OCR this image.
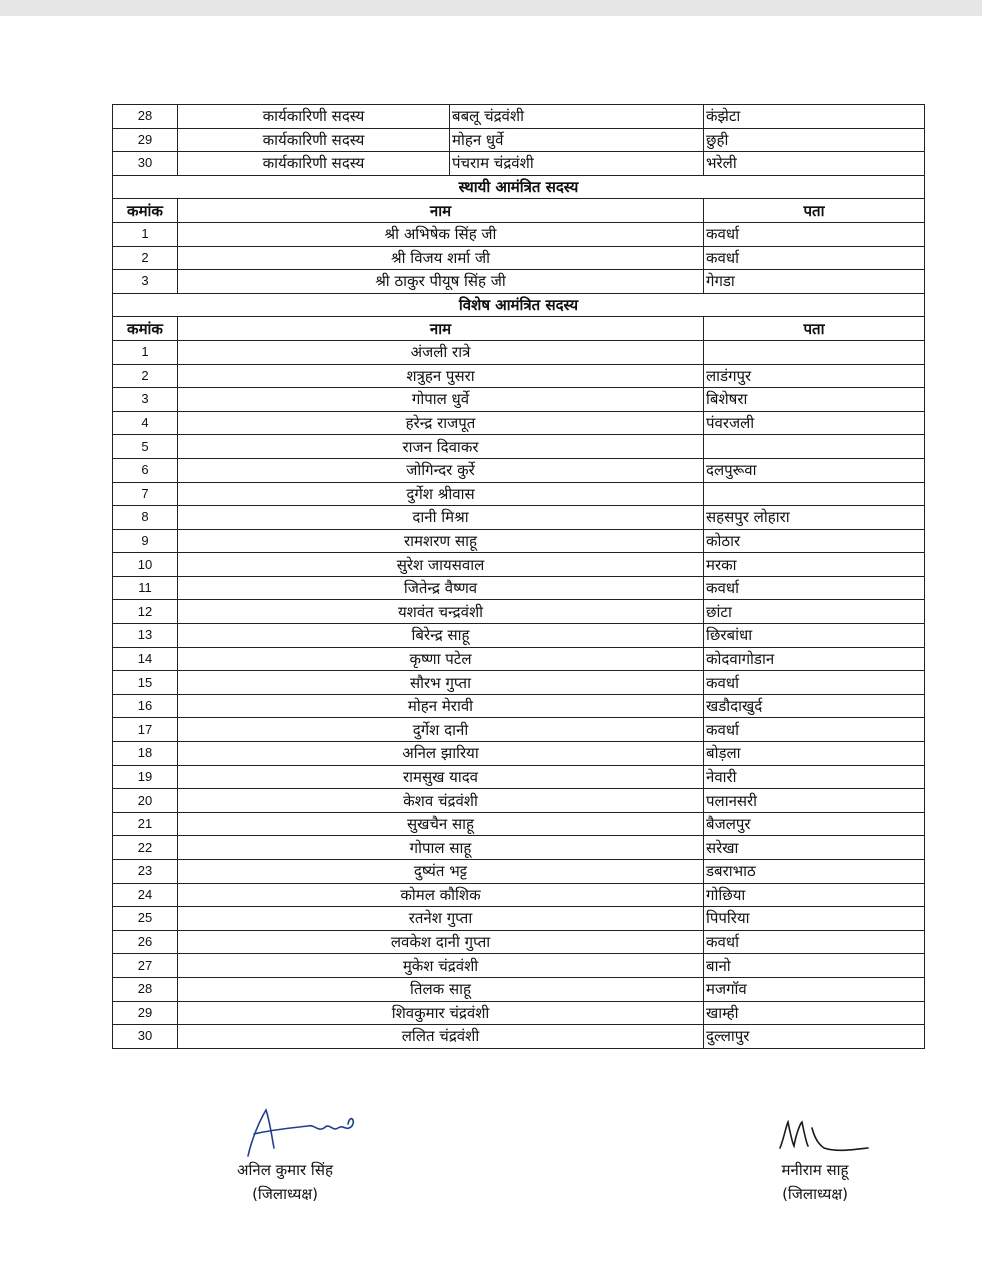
28	कार्यकारिणी सदस्य	बबलू चंद्रवंशी	कंझेटा
29	कार्यकारिणी सदस्य	मोहन धुर्वे	छुही
30	कार्यकारिणी सदस्य	पंचराम चंद्रवंशी	भरेली
स्थायी आमंत्रित सदस्य			
कमांक	नाम		पता
1	श्री अभिषेक सिंह जी		कवर्धा
2	श्री विजय शर्मा जी		कवर्धा
3	श्री ठाकुर पीयूष सिंह जी		गेगडा
विशेष आमंत्रित सदस्य			
कमांक	नाम		पता
1	अंजली रात्रे		
2	शत्रुहन पुसरा		लाडंगपुर
3	गोपाल धुर्वे		बिशेषरा
4	हरेन्द्र राजपूत		पंवरजली
5	राजन दिवाकर		
6	जोगिन्दर कुर्रे		दलपुरूवा
7	दुर्गेश श्रीवास		
8	दानी मिश्रा		सहसपुर लोहारा
9	रामशरण साहू		कोठार
10	सुरेश जायसवाल		मरका
11	जितेन्द्र वैष्णव		कवर्धा
12	यशवंत चन्द्रवंशी		छांटा
13	बिरेन्द्र साहू		छिरबांधा
14	कृष्णा पटेल		कोदवागोडान
15	सौरभ गुप्ता		कवर्धा
16	मोहन मेरावी		खडौदाखुर्द
17	दुर्गेश दानी		कवर्धा
18	अनिल झारिया		बोड़ला
19	रामसुख यादव		नेवारी
20	केशव चंद्रवंशी		पलानसरी
21	सुखचैन साहू		बैजलपुर
22	गोपाल साहू		सरेखा
23	दुष्यंत भट्ट		डबराभाठ
24	कोमल कौशिक		गोछिया
25	रतनेश गुप्ता		पिपरिया
26	लवकेश दानी गुप्ता		कवर्धा
27	मुकेश चंद्रवंशी		बानो
28	तिलक साहू		मजगॉव
29	शिवकुमार चंद्रवंशी		खाम्ही
30	ललित चंद्रवंशी		दुल्लापुर
अनिल कुमार सिंह
(जिलाध्यक्ष)
मनीराम साहू
(जिलाध्यक्ष)
